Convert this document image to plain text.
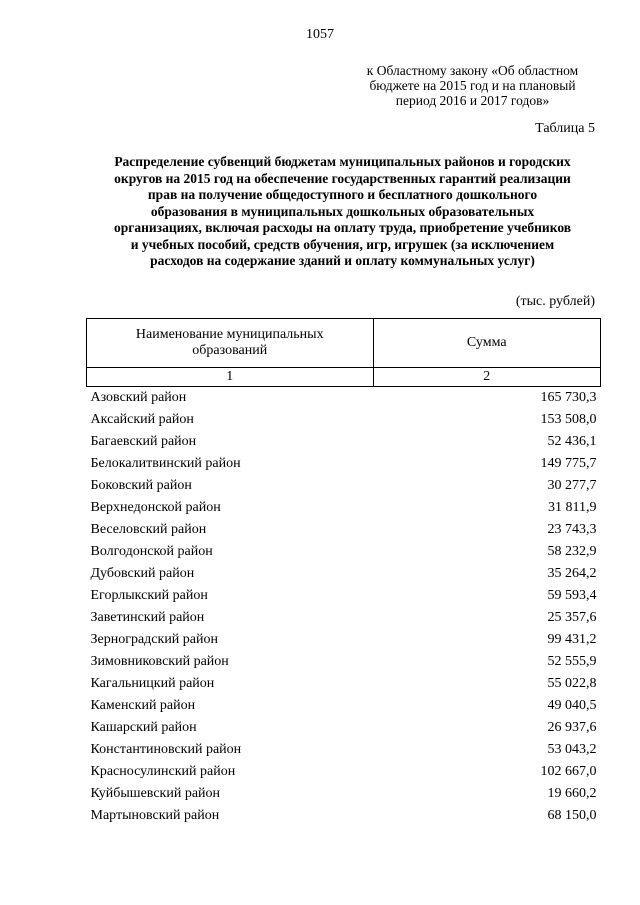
1057
к Областному закону «Об областном
бюджете на 2015 год и на плановый
период 2016 и 2017 годов»
Таблица 5
Распределение субвенций бюджетам муниципальных районов и городских
округов на 2015 год на обеспечение государственных гарантий реализации
прав на получение общедоступного и бесплатного дошкольного
образования в муниципальных дошкольных образовательных
организациях, включая расходы на оплату труда, приобретение учебников
и учебных пособий, средств обучения, игр, игрушек (за исключением
расходов на содержание зданий и оплату коммунальных услуг)
(тыс. рублей)
Наименование муниципальных
образований	Сумма
1	2
Азовский район	165 730,3
Аксайский район	153 508,0
Багаевский район	52 436,1
Белокалитвинский район	149 775,7
Боковский район	30 277,7
Верхнедонской район	31 811,9
Веселовский район	23 743,3
Волгодонской район	58 232,9
Дубовский район	35 264,2
Егорлыкский район	59 593,4
Заветинский район	25 357,6
Зерноградский район	99 431,2
Зимовниковский район	52 555,9
Кагальницкий район	55 022,8
Каменский район	49 040,5
Кашарский район	26 937,6
Константиновский район	53 043,2
Красносулинский район	102 667,0
Куйбышевский район	19 660,2
Мартыновский район	68 150,0
